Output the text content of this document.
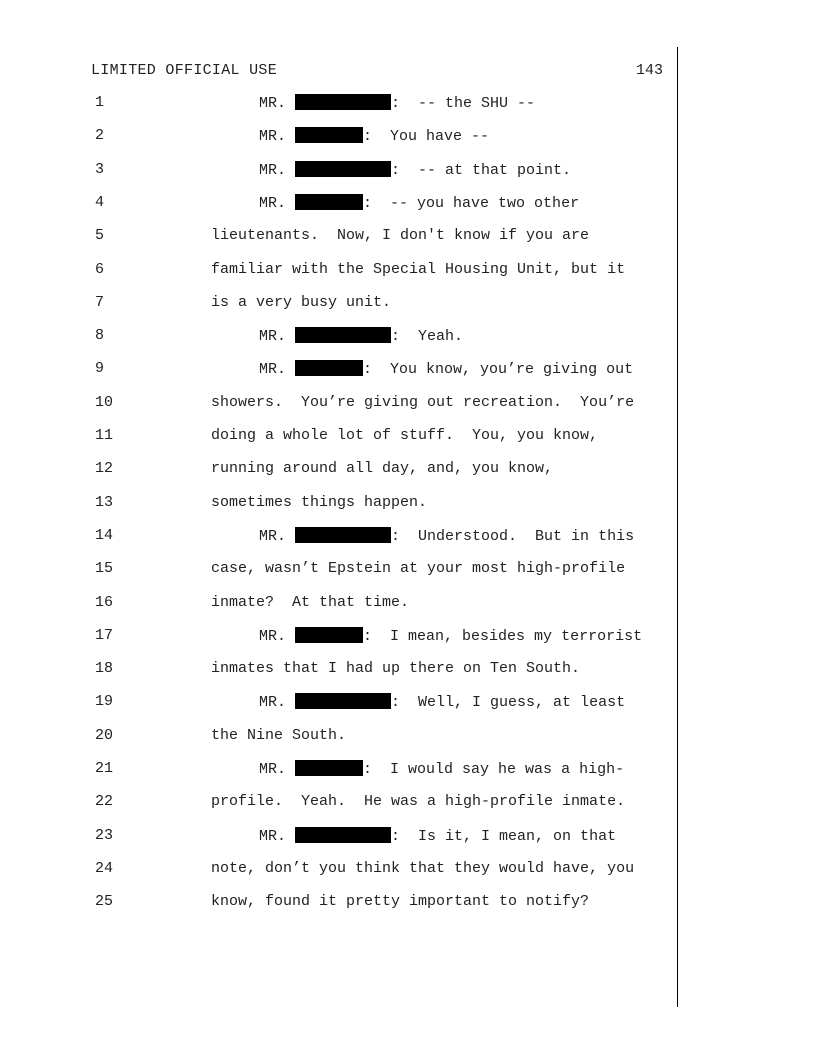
LIMITED OFFICIAL USE	143
1	MR.	:  -- the SHU --
2	MR.	:  You have --
3	MR.	:  -- at that point.
4	MR.	:  -- you have two other
5	lieutenants.  Now, I don't know if you are
6	familiar with the Special Housing Unit, but it
7	is a very busy unit.
8	MR.	:  Yeah.
9	MR.	:  You know, you’re giving out
10	showers.  You’re giving out recreation.  You’re
11	doing a whole lot of stuff.  You, you know,
12	running around all day, and, you know,
13	sometimes things happen.
14	MR.	:  Understood.  But in this
15	case, wasn’t Epstein at your most high-profile
16	inmate?  At that time.
17	MR.	:  I mean, besides my terrorist
18	inmates that I had up there on Ten South.
19	MR.	:  Well, I guess, at least
20	the Nine South.
21	MR.	:  I would say he was a high-
22	profile.  Yeah.  He was a high-profile inmate.
23	MR.	:  Is it, I mean, on that
24	note, don’t you think that they would have, you
25	know, found it pretty important to notify?
